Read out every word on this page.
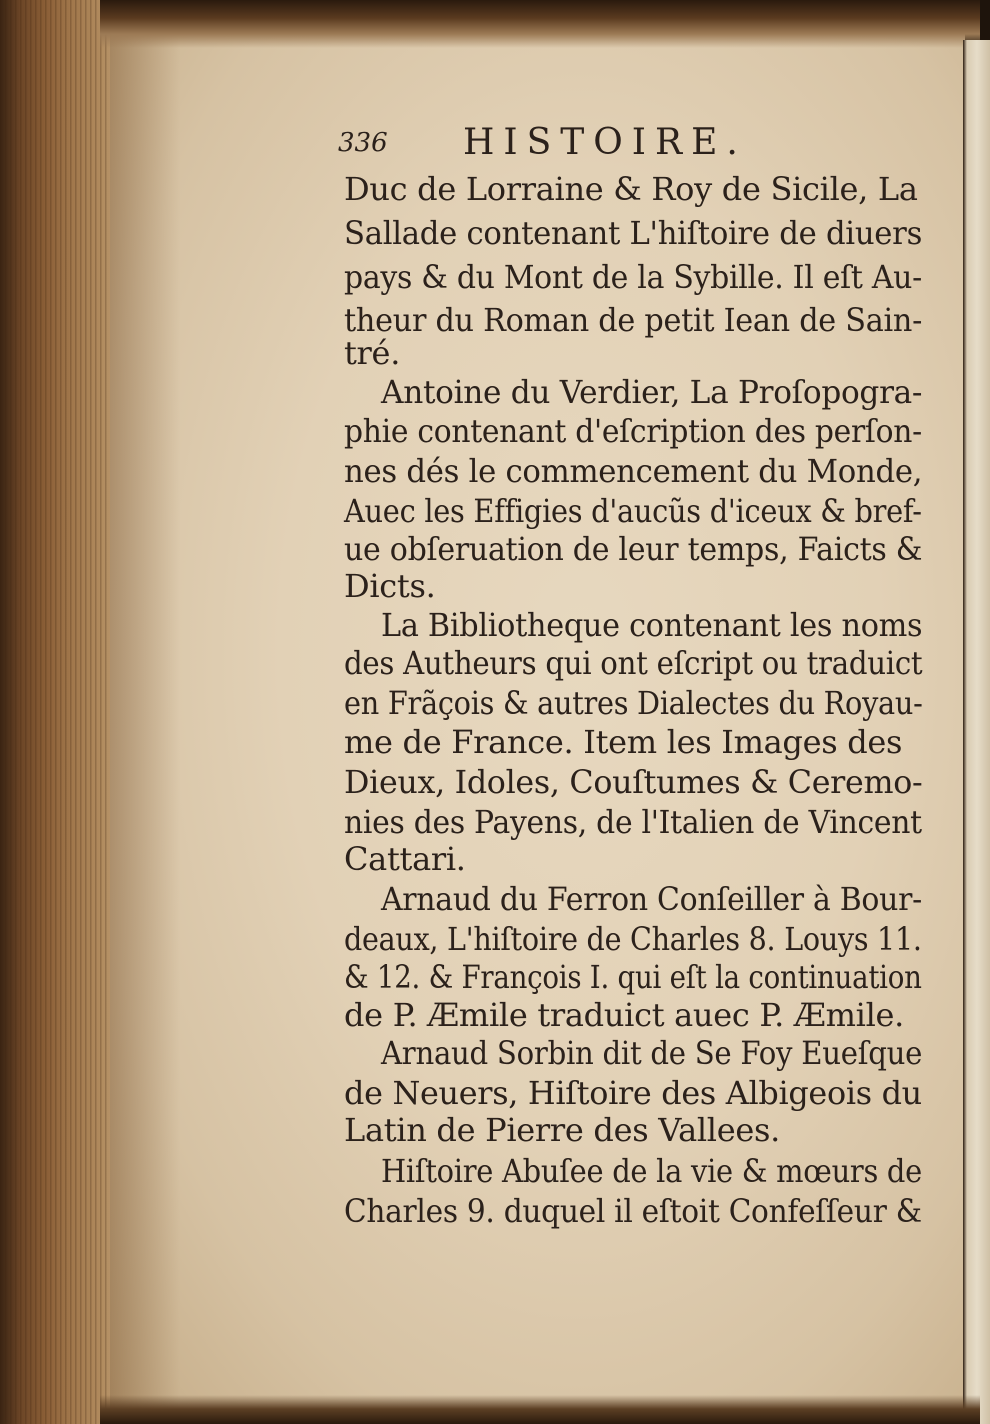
336 HISTOIRE.
Duc de Lorraine & Roy de Sicile, La
Sallade contenant L'hiſtoire de diuers
pays & du Mont de la Sybille. Il eſt Au-
theur du Roman de petit Iean de Sain-
tré.
Antoine du Verdier, La Proſopogra-
phie contenant d'eſcription des perſon-
nes dés le commencement du Monde,
Auec les Effigies d'aucũs d'iceux & bref-
ue obſeruation de leur temps, Faicts &
Dicts.
La Bibliotheque contenant les noms
des Autheurs qui ont eſcript ou traduict
en Frãçois & autres Dialectes du Royau-
me de France. Item les Images des
Dieux, Idoles, Couſtumes & Ceremo-
nies des Payens, de l'Italien de Vincent
Cattari.
Arnaud du Ferron Conſeiller à Bour-
deaux, L'hiſtoire de Charles 8. Louys 11.
& 12. & François I. qui eſt la continuation
de P. Æmile traduict auec P. Æmile.
Arnaud Sorbin dit de Se Foy Eueſque
de Neuers, Hiſtoire des Albigeois du
Latin de Pierre des Vallees.
Hiſtoire Abuſee de la vie & mœurs de
Charles 9. duquel il eſtoit Confeſſeur &
